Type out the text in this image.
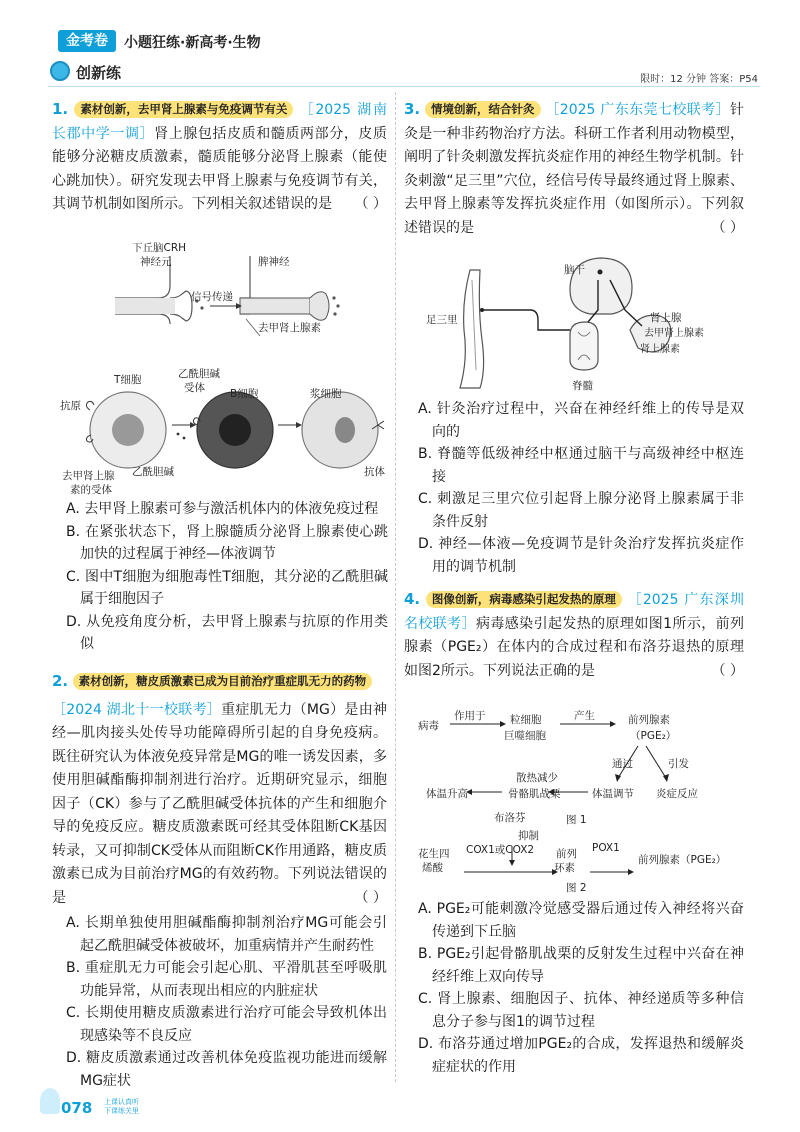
金考卷	小题狂练·新高考·生物
创新练	限时：12 分钟 答案：P54
1. 素材创新，去甲肾上腺素与免疫调节有关 ［2025 湖南长郡中学一调］肾上腺包括皮质和髓质两部分，皮质能够分泌糖皮质激素，髓质能够分泌肾上腺素（能使心跳加快）。研究发现去甲肾上腺素与免疫调节有关，其调节机制如图所示。下列相关叙述错误的是 （ ）
下丘脑CRH
神经元	脾神经
信号传递
去甲肾上腺素
T细胞	乙酰胆碱
受体 B细胞	浆细胞
抗原
去甲肾上腺
素的受体
乙酰胆碱	抗体
A. 去甲肾上腺素可参与激活机体内的体液免疫过程
B. 在紧张状态下，肾上腺髓质分泌肾上腺素使心跳加快的过程属于神经—体液调节
C. 图中T细胞为细胞毒性T细胞，其分泌的乙酰胆碱属于细胞因子
D. 从免疫角度分析，去甲肾上腺素与抗原的作用类似
2. 素材创新，糖皮质激素已成为目前治疗重症肌无力的药物
［2024 湖北十一校联考］重症肌无力（MG）是由神经—肌肉接头处传导功能障碍所引起的自身免疫病。既往研究认为体液免疫异常是MG的唯一诱发因素，多使用胆碱酯酶抑制剂进行治疗。近期研究显示，细胞因子（CK）参与了乙酰胆碱受体抗体的产生和细胞介导的免疫反应。糖皮质激素既可经其受体阻断CK基因转录，又可抑制CK受体从而阻断CK作用通路，糖皮质激素已成为目前治疗MG的有效药物。下列说法错误的是	（ ）
A. 长期单独使用胆碱酯酶抑制剂治疗MG可能会引起乙酰胆碱受体被破坏，加重病情并产生耐药性
B. 重症肌无力可能会引起心肌、平滑肌甚至呼吸肌功能异常，从而表现出相应的内脏症状
C. 长期使用糖皮质激素进行治疗可能会导致机体出现感染等不良反应
D. 糖皮质激素通过改善机体免疫监视功能进而缓解MG症状
3. 情境创新，结合针灸 ［2025 广东东莞七校联考］针灸是一种非药物治疗方法。科研工作者利用动物模型，阐明了针灸刺激发挥抗炎症作用的神经生物学机制。针灸刺激“足三里”穴位，经信号传导最终通过肾上腺素、去甲肾上腺素等发挥抗炎症作用（如图所示）。下列叙述错误的是	（ ）
脑干
足三里	肾上腺
去甲肾上腺素
肾上腺素
脊髓
A. 针灸治疗过程中，兴奋在神经纤维上的传导是双向的
B. 脊髓等低级神经中枢通过脑干与高级神经中枢连接
C. 刺激足三里穴位引起肾上腺分泌肾上腺素属于非条件反射
D. 神经—体液—免疫调节是针灸治疗发挥抗炎症作用的调节机制
4. 图像创新，病毒感染引起发热的原理 ［2025 广东深圳名校联考］病毒感染引起发热的原理如图1所示，前列腺素（PGE₂）在体内的合成过程和布洛芬退热的原理如图2所示。下列说法正确的是	（ ）
病毒
作用于 粒细胞
巨噬细胞
产生	前列腺素
（PGE₂）
通过	引发
体温调节 炎症反应
散热减少
骨骼肌战栗
体温升高
图 1
布洛芬
抑制
花生四
烯酸
COX1或COX2 前列
环素
POX1
前列腺素（PGE₂）
图 2
A. PGE₂可能刺激冷觉感受器后通过传入神经将兴奋传递到下丘脑
B. PGE₂引起骨骼肌战栗的反射发生过程中兴奋在神经纤维上双向传导
C. 肾上腺素、细胞因子、抗体、神经递质等多种信息分子参与图1的调节过程
D. 布洛芬通过增加PGE₂的合成，发挥退热和缓解炎症症状的作用
078	上课认真听
下课练关里
